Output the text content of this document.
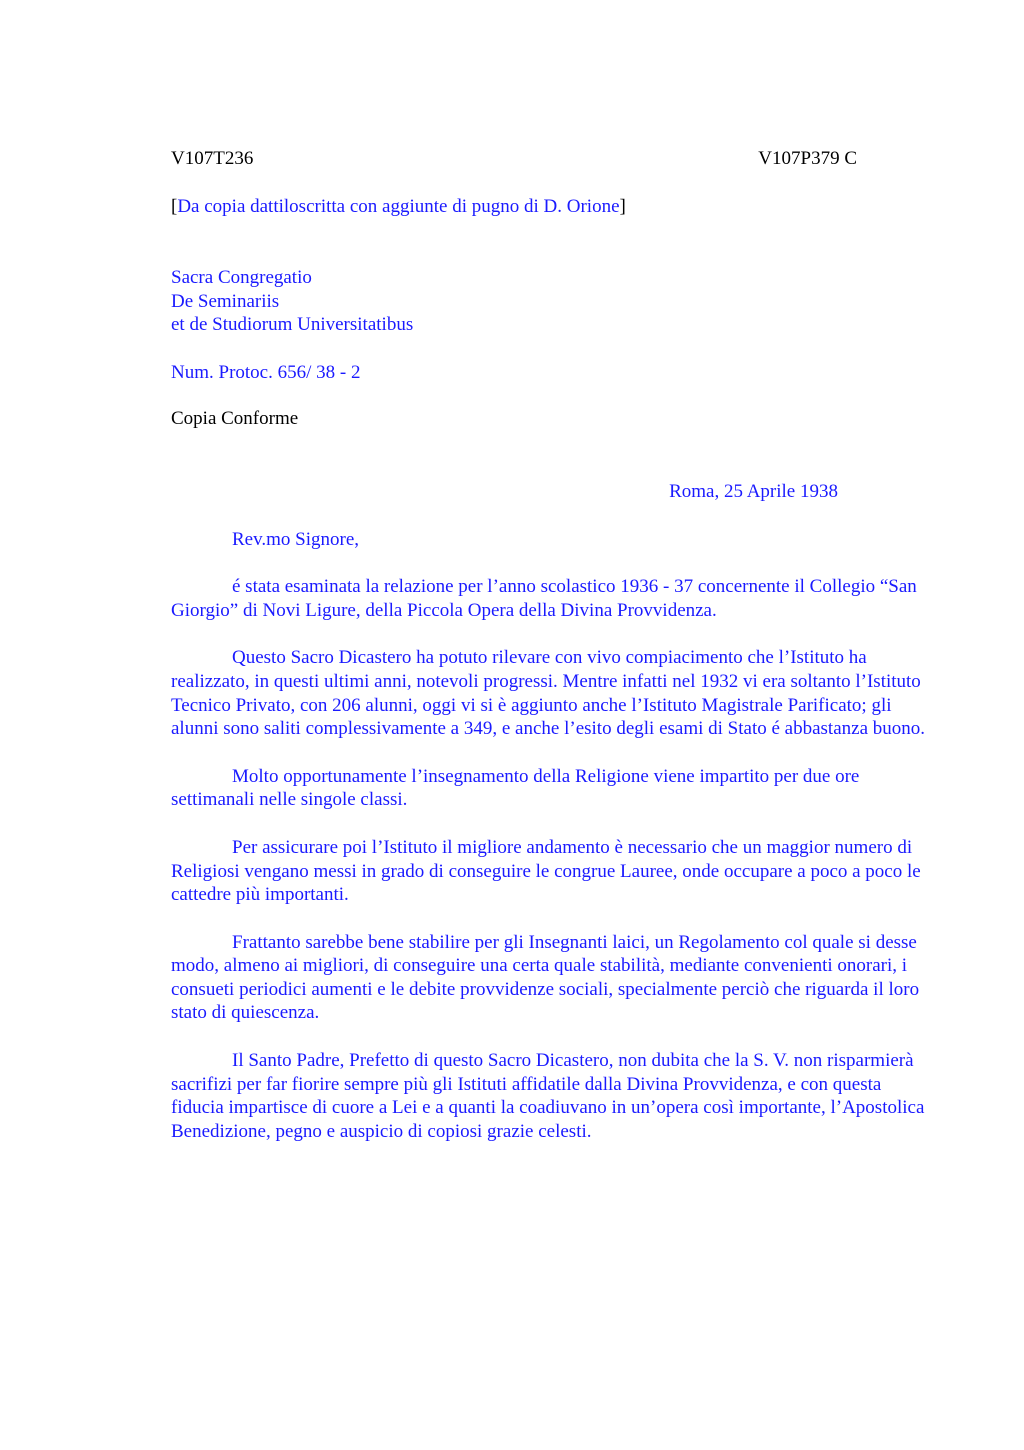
V107T236	V107P379 C
[Da copia dattiloscritta con aggiunte di pugno di D. Orione]
Sacra Congregatio
De Seminariis
et de Studiorum Universitatibus
Num. Protoc. 656/ 38 - 2
Copia Conforme
Roma, 25 Aprile 1938

Rev.mo Signore,

é stata esaminata la relazione per l’anno scolastico 1936 - 37 concernente il Collegio “San Giorgio” di Novi Ligure, della Piccola Opera della Divina Provvidenza.

Questo Sacro Dicastero ha potuto rilevare con vivo compiacimento che l’Istituto ha realizzato, in questi ultimi anni, notevoli progressi. Mentre infatti nel 1932 vi era soltanto l’Istituto Tecnico Privato, con 206 alunni, oggi vi si è aggiunto anche l’Istituto Magistrale Parificato; gli alunni sono saliti complessivamente a 349, e anche l’esito degli esami di Stato é abbastanza buono.

Molto opportunamente l’insegnamento della Religione viene impartito per due ore settimanali nelle singole classi.

Per assicurare poi l’Istituto il migliore andamento è necessario che un maggior numero di Religiosi vengano messi in grado di conseguire le congrue Lauree, onde occupare a poco a poco le cattedre più importanti.

Frattanto sarebbe bene stabilire per gli Insegnanti laici, un Regolamento col quale si desse modo, almeno ai migliori, di conseguire una certa quale stabilità, mediante convenienti onorari, i consueti periodici aumenti e le debite provvidenze sociali, specialmente perciò che riguarda il loro stato di quiescenza.

Il Santo Padre, Prefetto di questo Sacro Dicastero, non dubita che la S. V. non risparmierà sacrifizi per far fiorire sempre più gli Istituti affidatile dalla Divina Provvidenza, e con questa fiducia impartisce di cuore a Lei e a quanti la coadiuvano in un’opera così importante, l’Apostolica Benedizione, pegno e auspicio di copiosi grazie celesti.
